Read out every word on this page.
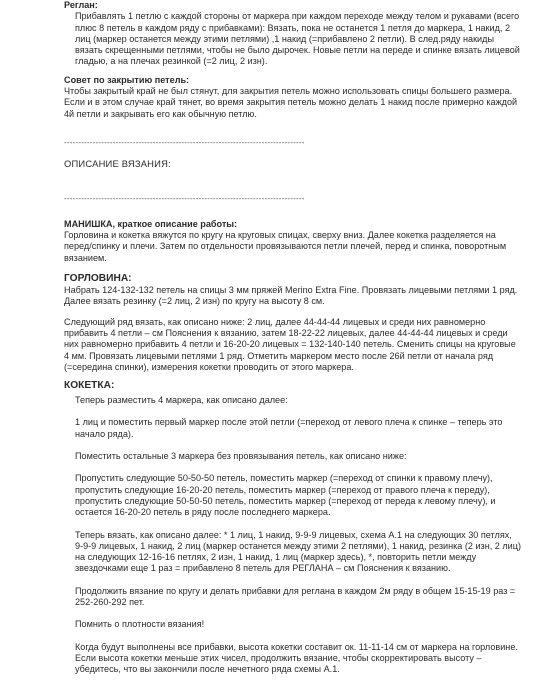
Реглан:

Прибавлять 1 петлю с каждой стороны от маркера при каждом переходе между телом и рукавами (всего плюс 8 петель в каждом ряду с прибавками): Вязать, пока не останется 1 петля до маркера, 1 накид, 2 лиц (маркер останется между этими петлями) ,1 накид (=прибавлено 2 петли). В след.ряду накиды вязать скрещенными петлями, чтобы не было дырочек. Новые петли на переде и спинке вязать лицевой гладью, а на плечах резинкой (=2 лиц, 2 изн).

Совет по закрытию петель:

Чтобы закрытый край не был стянут, для закрытия петель можно использовать спицы большего размера. Если и в этом случае край тянет, во время закрытия петель можно делать 1 накид после примерно каждой 4й петли и закрывать его как обычную петлю.

------------------------------------------------------------------------------------

ОПИСАНИЕ ВЯЗАНИЯ:

------------------------------------------------------------------------------------

МАНИШКА, краткое описание работы:

Горловина и кокетка вяжутся по кругу на круговых спицах, сверху вниз. Далее кокетка разделяется на перед/спинку и плечи. Затем по отдельности провязываются петли плечей, перед и спинка, поворотным вязанием.

ГОРЛОВИНА:

Набрать 124-132-132 петель на спицы 3 мм пряжей Merino Extra Fine. Провязать лицевыми петлями 1 ряд. Далее вязать резинку (=2 лиц, 2 изн) по кругу на высоту 8 см.

Следующий ряд вязать, как описано ниже: 2 лиц, далее 44-44-44 лицевых и среди них равномерно прибавить 4 петли – см Пояснения к вязанию, затем 18-22-22 лицевых, далее 44-44-44 лицевых и среди них равномерно прибавить 4 петли и 16-20-20 лицевых = 132-140-140 петель. Сменить спицы на круговые 4 мм. Провязать лицевыми петлями 1 ряд. Отметить маркером место после 26й петли от начала ряд (=середина спинки), измерения кокетки проводить от этого маркера.

КОКЕТКА:

Теперь разместить 4 маркера, как описано далее:

1 лиц и поместить первый маркер после этой петли (=переход от левого плеча к спинке – теперь это начало ряда).

Поместить остальные 3 маркера без провязывания петель, как описано ниже:

Пропустить следующие 50-50-50 петель, поместить маркер (=переход от спинки к правому плечу), пропустить следующие 16-20-20 петель, поместить маркер (=переход от правого плеча к переду), пропустить следующие 50-50-50 петель, поместить маркер (=переход от переда к левому плечу), и остается 16-20-20 петель в ряду после последнего маркера.

Теперь вязать, как описано далее: * 1 лиц, 1 накид, 9-9-9 лицевых, схема А.1 на следующих 30 петлях, 9-9-9 лицевых, 1 накид, 2 лиц (маркер останется между этими 2 петлями), 1 накид, резинка (2 изн, 2 лиц) на следующих 12-16-16 петлях, 2 изн, 1 накид, 1 лиц (маркер здесь), *, повторить петли между звездочками еще 1 раз = прибавлено 8 петель для РЕГЛАНА – см Пояснения к вязанию.

Продолжить вязание по кругу и делать прибавки для реглана в каждом 2м ряду в общем 15-15-19 раз = 252-260-292 пет.

Помнить о плотности вязания!

Когда будут выполнены все прибавки, высота кокетки составит ок. 11-11-14 см от маркера на горловине. Если высота кокетки меньше этих чисел, продолжить вязание, чтобы скорректировать высоту – убедитесь, что вы закончили после нечетного ряда схемы А.1.
